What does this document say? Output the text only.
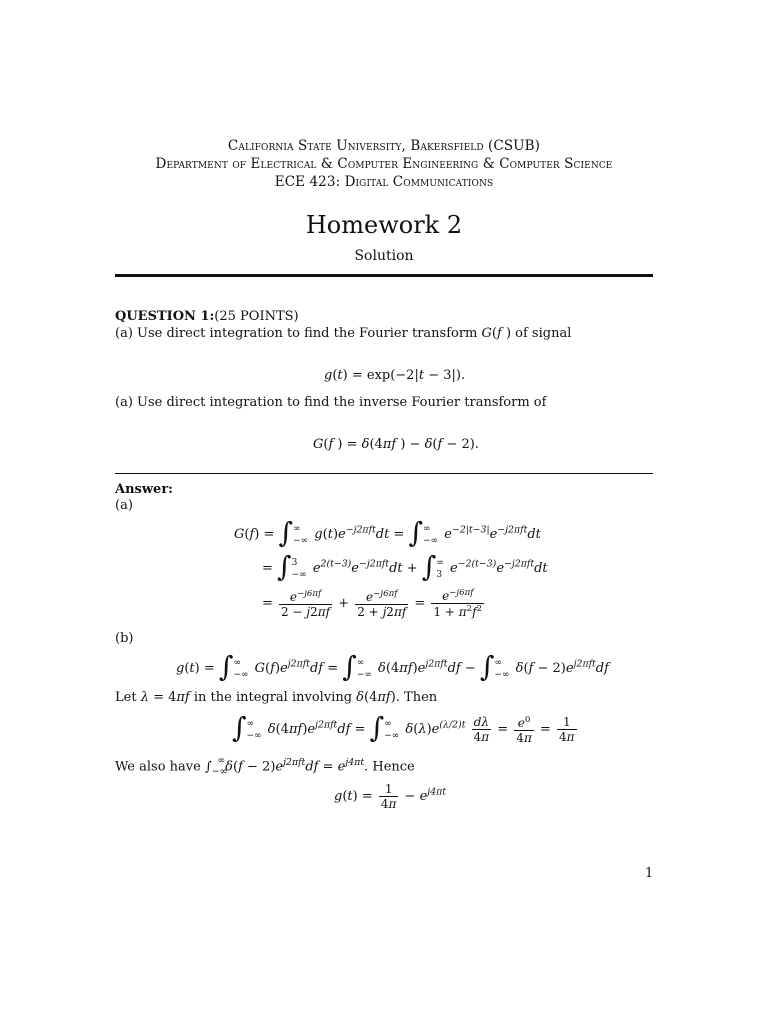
California State University, Bakersfield (CSUB)
Department of Electrical & Computer Engineering & Computer Science
ECE 423: Digital Communications
Homework 2
Solution
QUESTION 1:(25 POINTS)
(a) Use direct integration to find the Fourier transform G(f ) of signal
g(t) = exp(−2|t − 3|).
(a) Use direct integration to find the inverse Fourier transform of
G(f ) = δ(4πf ) − δ(f − 2).
Answer:
(a)
G(f) = ∫ ∞
−∞ $g(t)e^{-j2\pi ft}dt$ = ∫ ∞
−∞ $e^{-2|t-3|}e^{-j2\pi ft}dt$
= ∫ 3
−∞ $e^{2(t-3)}e^{-j2\pi ft}dt$ + ∫ ∞
3 $e^{-2(t-3)}e^{-j2\pi ft}dt$
= $\frac{e^{-j6\pi f}}{2 - j2\pi f} + \frac{e^{-j6\pi f}}{2 + j2\pi f} = \frac{e^{-j6\pi f}}{1 + \pi^2f^2}$
(b)
g(t) = ∫ ∞
−∞ $G(f)e^{j2\pi ft}df$ = ∫ ∞
−∞ $\delta(4\pi f)e^{j2\pi ft}df$ − ∫ ∞
−∞ $\delta(f - 2)e^{j2\pi ft}df$
Let λ = 4πf in the integral involving δ(4πf). Then
∫ ∞
−∞ $\delta(4\pi f)e^{j2\pi ft}df$ = ∫ ∞
−∞ $\delta(\lambda)e^{(\lambda/2)t} \frac{d\lambda}{4\pi} = \frac{e^0}{4\pi} = \frac{1}{4\pi}$
We also have $\int_{-\infty}^\infty\delta(f - 2)e^{j2\pi ft}df = e^{j4\pi t}$. Hence
$g(t) = \frac{1}{4\pi} - e^{j4\pi t}$
1
